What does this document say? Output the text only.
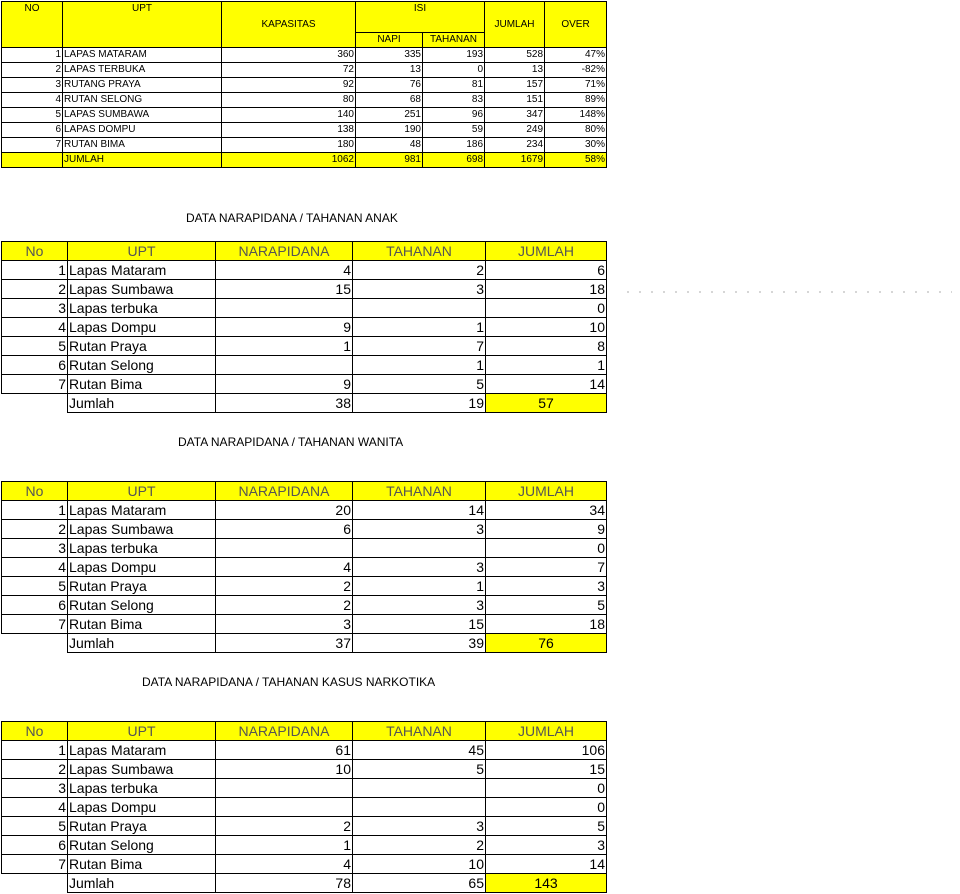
NO	UPT	KAPASITAS	ISI		JUMLAH	OVER
			NAPI	TAHANAN		
1	LAPAS MATARAM	360	335	193	528	47%
2	LAPAS TERBUKA	72	13	0	13	-82%
3	RUTANG PRAYA	92	76	81	157	71%
4	RUTAN SELONG	80	68	83	151	89%
5	LAPAS SUMBAWA	140	251	96	347	148%
6	LAPAS DOMPU	138	190	59	249	80%
7	RUTAN BIMA	180	48	186	234	30%
	JUMLAH	1062	981	698	1679	58%
DATA NARAPIDANA / TAHANAN ANAK
No	UPT	NARAPIDANA	TAHANAN	JUMLAH
1	Lapas Mataram	4	2	6
2	Lapas Sumbawa	15	3	18
3	Lapas terbuka			0
4	Lapas Dompu	9	1	10
5	Rutan Praya	1	7	8
6	Rutan Selong		1	1
7	Rutan Bima	9	5	14
	Jumlah	38	19	57
DATA NARAPIDANA / TAHANAN WANITA
No	UPT	NARAPIDANA	TAHANAN	JUMLAH
1	Lapas Mataram	20	14	34
2	Lapas Sumbawa	6	3	9
3	Lapas terbuka			0
4	Lapas Dompu	4	3	7
5	Rutan Praya	2	1	3
6	Rutan Selong	2	3	5
7	Rutan Bima	3	15	18
	Jumlah	37	39	76
DATA NARAPIDANA / TAHANAN KASUS NARKOTIKA
No	UPT	NARAPIDANA	TAHANAN	JUMLAH
1	Lapas Mataram	61	45	106
2	Lapas Sumbawa	10	5	15
3	Lapas terbuka			0
4	Lapas Dompu			0
5	Rutan Praya	2	3	5
6	Rutan Selong	1	2	3
7	Rutan Bima	4	10	14
	Jumlah	78	65	143
